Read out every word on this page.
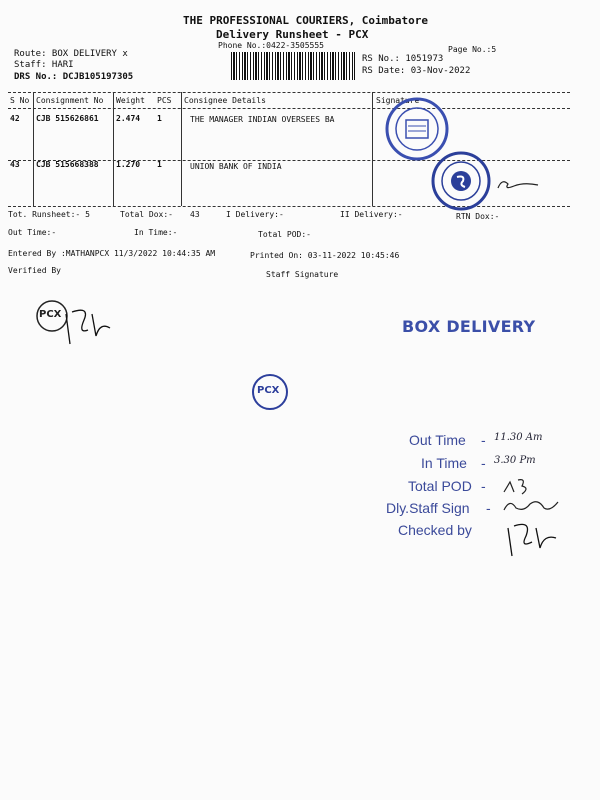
THE PROFESSIONAL COURIERS, Coimbatore
Delivery Runsheet - PCX
Phone No.:0422-3505555	Page No.:5
Route: BOX DELIVERY x
Staff: HARI
DRS No.: DCJB105197305
RS No.: 1051973
RS Date: 03-Nov-2022
S No Consignment No Weight PCS Consignee Details	Signature
42 CJB 515626861 2.474 1	THE MANAGER INDIAN OVERSEES BA
43 CJB 515668388 1.270 1	UNION BANK OF INDIA
Tot. Runsheet:- 5	Total Dox:- 43	I Delivery:-	II Delivery:-	RTN Dox:-
Out Time:-	In Time:-	Total POD:-
Entered By :MATHANPCX 11/3/2022 10:44:35 AM	Printed On: 03-11-2022 10:45:46
Verified By	Staff Signature
PCX
BOX DELIVERY
PCX
Out Time - 11.30 Am
In Time - 3.30 Pm
Total POD -
Dly.Staff Sign -
Checked by
